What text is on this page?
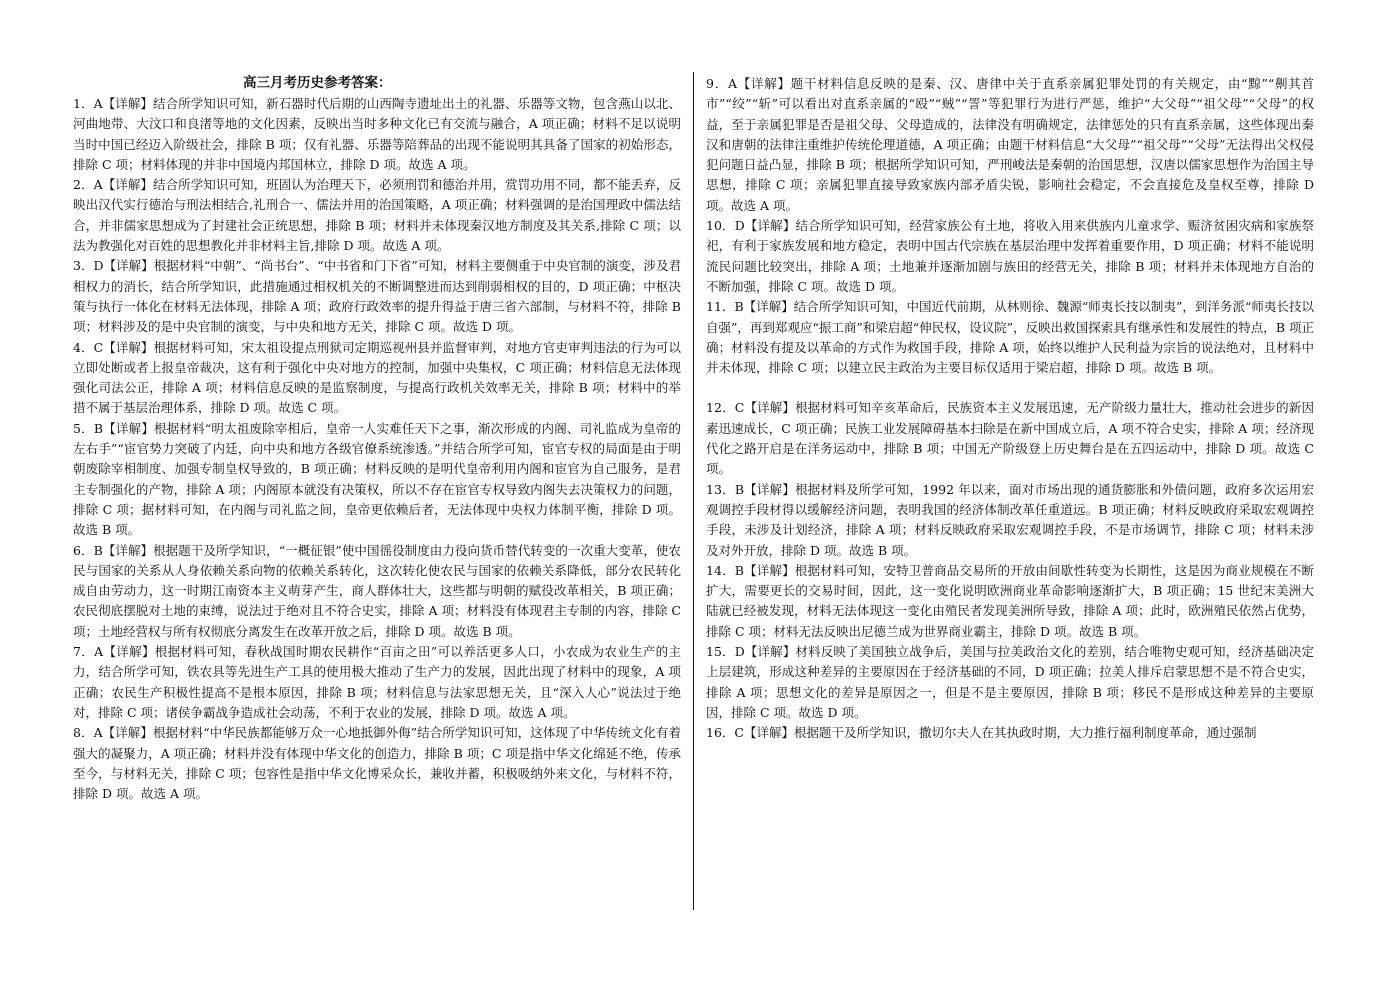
高三月考历史参考答案：

1．A【详解】结合所学知识可知，新石器时代后期的山西陶寺遗址出土的礼器、乐器等文物，包含燕山以北、河曲地带、大汶口和良渚等地的文化因素，反映出当时多种文化已有交流与融合，A 项正确；材料不足以说明当时中国已经迈入阶级社会，排除 B 项；仅有礼器、乐器等陪葬品的出现不能说明其具备了国家的初始形态，排除 C 项；材料体现的并非中国境内邦国林立，排除 D 项。故选 A 项。

2．A【详解】结合所学知识可知，班固认为治理天下，必须刑罚和德治并用，赏罚功用不同，都不能丢弃，反映出汉代实行德治与刑法相结合,礼刑合一、儒法并用的治国策略，A 项正确；材料强调的是治国理政中儒法结合，并非儒家思想成为了封建社会正统思想，排除 B 项；材料并未体现秦汉地方制度及其关系,排除 C 项；以法为教强化对百姓的思想教化并非材料主旨,排除 D 项。故选 A 项。

3．D【详解】根据材料“中朝”、“尚书台”、“中书省和门下省”可知，材料主要侧重于中央官制的演变，涉及君相权力的消长，结合所学知识，此措施通过相权机关的不断调整进而达到削弱相权的目的，D 项正确；中枢决策与执行一体化在材料无法体现，排除 A 项；政府行政效率的提升得益于唐三省六部制，与材料不符，排除 B 项；材料涉及的是中央官制的演变，与中央和地方无关，排除 C 项。故选 D 项。

4．C【详解】根据材料可知，宋太祖设提点刑狱司定期巡视州县并监督审判，对地方官吏审判违法的行为可以立即处断或者上报皇帝裁决，这有利于强化中央对地方的控制，加强中央集权，C 项正确；材料信息无法体现强化司法公正，排除 A 项；材料信息反映的是监察制度，与提高行政机关效率无关，排除 B 项；材料中的举措不属于基层治理体系，排除 D 项。故选 C 项。

5．B【详解】根据材料“明太祖废除宰相后，皇帝一人实难任天下之事，渐次形成的内阁、司礼监成为皇帝的左右手”“宦官势力突破了内廷，向中央和地方各级官僚系统渗透。”并结合所学可知，宦官专权的局面是由于明朝废除宰相制度、加强专制皇权导致的，B 项正确；材料反映的是明代皇帝利用内阁和宦官为自己服务，是君主专制强化的产物，排除 A 项；内阁原本就没有决策权，所以不存在宦官专权导致内阁失去决策权力的问题，排除 C 项；据材料可知，在内阁与司礼监之间，皇帝更依赖后者，无法体现中央权力体制平衡，排除 D 项。故选 B 项。

6．B【详解】根据题干及所学知识，“一概征银”使中国徭役制度由力役向货币替代转变的一次重大变革，使农民与国家的关系从人身依赖关系向物的依赖关系转化，这次转化使农民与国家的依赖关系降低，部分农民转化成自由劳动力，这一时期江南资本主义萌芽产生，商人群体壮大，这些都与明朝的赋役改革相关，B 项正确；农民彻底摆脱对土地的束缚，说法过于绝对且不符合史实，排除 A 项；材料没有体现君主专制的内容，排除 C 项；土地经营权与所有权彻底分离发生在改革开放之后，排除 D 项。故选 B 项。

7．A【详解】根据材料可知，春秋战国时期农民耕作“百亩之田”可以养活更多人口，小农成为农业生产的主力，结合所学可知，铁农具等先进生产工具的使用极大推动了生产力的发展，因此出现了材料中的现象，A 项正确；农民生产积极性提高不是根本原因，排除 B 项；材料信息与法家思想无关，且“深入人心”说法过于绝对，排除 C 项；诸侯争霸战争造成社会动荡，不利于农业的发展，排除 D 项。故选 A 项。

8．A【详解】根据材料“中华民族都能够万众一心地抵御外侮”结合所学知识可知，这体现了中华传统文化有着强大的凝聚力，A 项正确；材料并没有体现中华文化的创造力，排除 B 项；C 项是指中华文化绵延不绝，传承至今，与材料无关，排除 C 项；包容性是指中华文化博采众长，兼收并蓄，积极吸纳外来文化，与材料不符，排除 D 项。故选 A 项。

9．A【详解】题干材料信息反映的是秦、汉、唐律中关于直系亲属犯罪处罚的有关规定，由“黥”“劓其首市”“绞”“斩”可以看出对直系亲属的“殴”“贼”“詈”等犯罪行为进行严惩，维护“大父母”“祖父母”“父母”的权益，至于亲属犯罪是否是祖父母、父母造成的，法律没有明确规定，法律惩处的只有直系亲属，这些体现出秦汉和唐朝的法律注重维护传统伦理道德，A 项正确；由题干材料信息“大父母”“祖父母”“父母”无法得出父权侵犯问题日益凸显，排除 B 项；根据所学知识可知，严刑峻法是秦朝的治国思想，汉唐以儒家思想作为治国主导思想，排除 C 项；亲属犯罪直接导致家族内部矛盾尖锐，影响社会稳定，不会直接危及皇权至尊，排除 D 项。故选 A 项。

10．D【详解】结合所学知识可知，经营家族公有土地，将收入用来供族内儿童求学、赈济贫困灾病和家族祭祀，有利于家族发展和地方稳定，表明中国古代宗族在基层治理中发挥着重要作用，D 项正确；材料不能说明流民问题比较突出，排除 A 项；土地兼并逐渐加剧与族田的经营无关，排除 B 项；材料并未体现地方自治的不断加强，排除 C 项。故选 D 项。

11．B【详解】结合所学知识可知，中国近代前期，从林则徐、魏源“师夷长技以制夷”，到洋务派“师夷长技以自强”，再到郑观应“振工商”和梁启超“伸民权，设议院”，反映出救国探索具有继承性和发展性的特点，B 项正确；材料没有提及以革命的方式作为救国手段，排除 A 项，始终以维护人民利益为宗旨的说法绝对，且材料中并未体现，排除 C 项；以建立民主政治为主要目标仅适用于梁启超，排除 D 项。故选 B 项。

12．C【详解】根据材料可知辛亥革命后，民族资本主义发展迅速，无产阶级力量壮大，推动社会进步的新因素迅速成长，C 项正确；民族工业发展障碍基本扫除是在新中国成立后，A 项不符合史实，排除 A 项；经济现代化之路开启是在洋务运动中，排除 B 项；中国无产阶级登上历史舞台是在五四运动中，排除 D 项。故选 C 项。

13．B【详解】根据材料及所学可知，1992 年以来，面对市场出现的通货膨胀和外债问题，政府多次运用宏观调控手段材得以缓解经济问题，表明我国的经济体制改革任重道远。B 项正确；材料反映政府采取宏观调控手段，未涉及计划经济，排除 A 项；材料反映政府采取宏观调控手段，不是市场调节，排除 C 项；材料未涉及对外开放，排除 D 项。故选 B 项。

14．B【详解】根据材料可知，安特卫普商品交易所的开放由间歇性转变为长期性，这是因为商业规模在不断扩大，需要更长的交易时间，因此，这一变化说明欧洲商业革命影响逐渐扩大，B 项正确；15 世纪末美洲大陆就已经被发现，材料无法体现这一变化由殖民者发现美洲所导致，排除 A 项；此时，欧洲殖民依然占优势，排除 C 项；材料无法反映出尼德兰成为世界商业霸主，排除 D 项。故选 B 项。

15．D【详解】材料反映了美国独立战争后，美国与拉美政治文化的差别，结合唯物史观可知，经济基础决定上层建筑，形成这种差异的主要原因在于经济基础的不同，D 项正确；拉美人排斥启蒙思想不是不符合史实，排除 A 项；思想文化的差异是原因之一，但是不是主要原因，排除 B 项；移民不是形成这种差异的主要原因，排除 C 项。故选 D 项。

16．C【详解】根据题干及所学知识，撒切尔夫人在其执政时期，大力推行福利制度革命，通过强制
